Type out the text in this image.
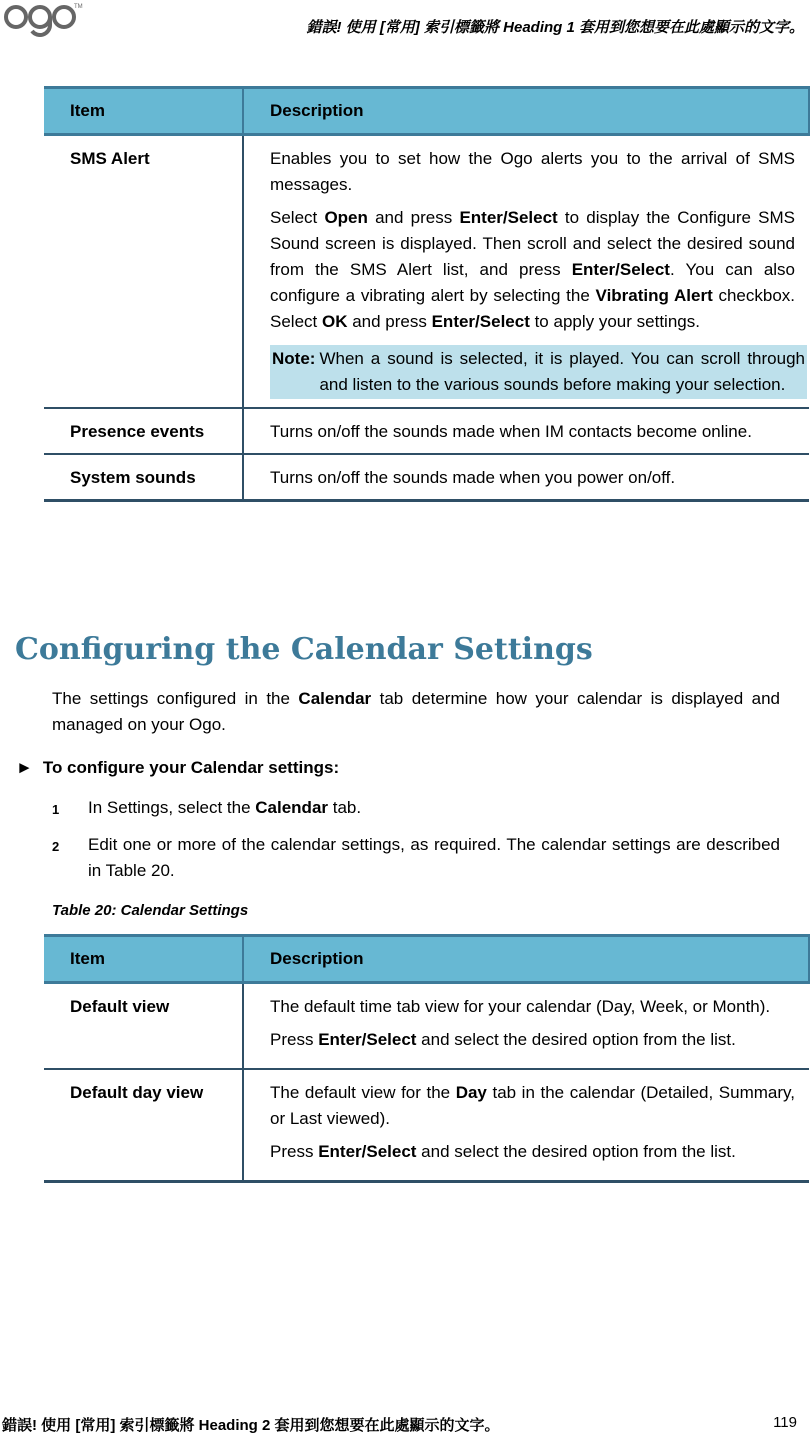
TM
ogo
錯誤! 使用 [常用] 索引標籤將 Heading 1 套用到您想要在此處顯示的文字。
Item	Description
SMS Alert	Enables you to set how the Ogo alerts you to the arrival of SMS messages.

Select Open and press Enter/Select to display the Configure SMS Sound screen is displayed. Then scroll and select the desired sound from the SMS Alert list, and press Enter/Select. You can also configure a vibrating alert by selecting the Vibrating Alert checkbox. Select OK and press Enter/Select to apply your settings.

Note: When a sound is selected, it is played. You can scroll through and listen to the various sounds before making your selection.

Presence events	Turns on/off the sounds made when IM contacts become online.
System sounds	Turns on/off the sounds made when you power on/off.
Configuring the Calendar Settings
The settings configured in the Calendar tab determine how your calendar is displayed and managed on your Ogo.
► To configure your Calendar settings:
1	In Settings, select the Calendar tab.
2	Edit one or more of the calendar settings, as required. The calendar settings are described in Table 20.
Table 20: Calendar Settings
Item	Description
Default view	The default time tab view for your calendar (Day, Week, or Month).

Press Enter/Select and select the desired option from the list.

Default day view	The default view for the Day tab in the calendar (Detailed, Summary, or Last viewed).

Press Enter/Select and select the desired option from the list.

錯誤! 使用 [常用] 索引標籤將 Heading 2 套用到您想要在此處顯示的文字。	119
